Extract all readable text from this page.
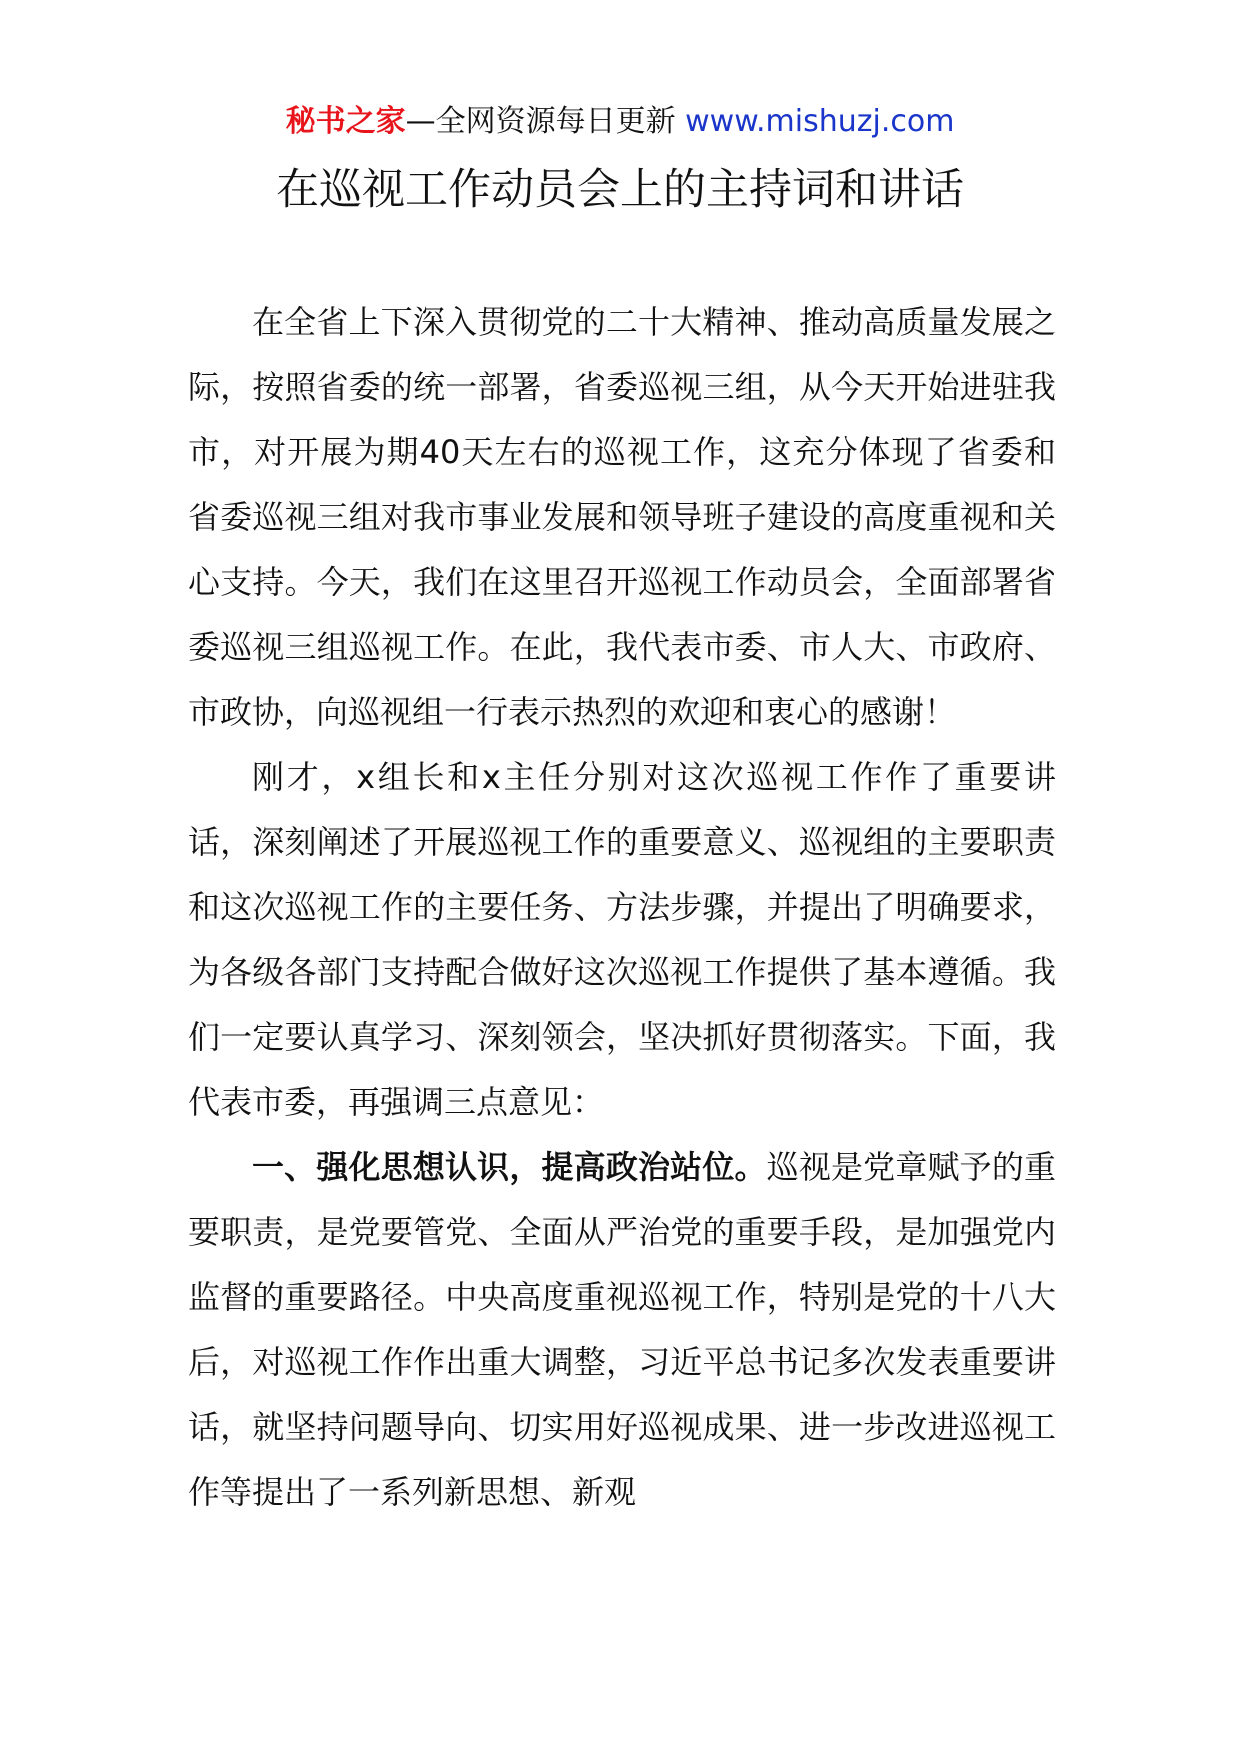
秘书之家—全网资源每日更新 www.mishuzj.com
在巡视工作动员会上的主持词和讲话

在全省上下深入贯彻党的二十大精神、推动高质量发展之际，按照省委的统一部署，省委巡视三组，从今天开始进驻我市，对开展为期40天左右的巡视工作，这充分体现了省委和省委巡视三组对我市事业发展和领导班子建设的高度重视和关心支持。今天，我们在这里召开巡视工作动员会，全面部署省委巡视三组巡视工作。在此，我代表市委、市人大、市政府、市政协，向巡视组一行表示热烈的欢迎和衷心的感谢！

刚才，x组长和x主任分别对这次巡视工作作了重要讲话，深刻阐述了开展巡视工作的重要意义、巡视组的主要职责和这次巡视工作的主要任务、方法步骤，并提出了明确要求，为各级各部门支持配合做好这次巡视工作提供了基本遵循。我们一定要认真学习、深刻领会，坚决抓好贯彻落实。下面，我代表市委，再强调三点意见：

一、强化思想认识，提高政治站位。巡视是党章赋予的重要职责，是党要管党、全面从严治党的重要手段，是加强党内监督的重要路径。中央高度重视巡视工作，特别是党的十八大后，对巡视工作作出重大调整，习近平总书记多次发表重要讲话，就坚持问题导向、切实用好巡视成果、进一步改进巡视工作等提出了一系列新思想、新观
